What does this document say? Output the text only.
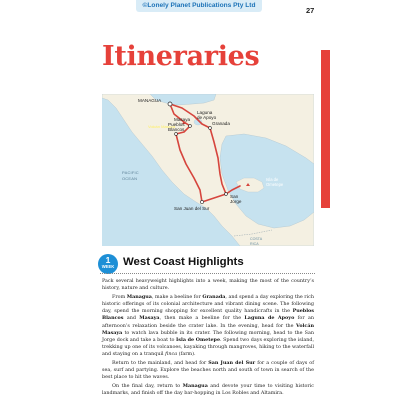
©Lonely Planet Publications Pty Ltd
27
Itineraries
MANAGUA
Masaya
Laguna
de Apoyo
Granada
Volcán Masaya
Pueblos
Blancos
Isla de
Ometepe
San
Jorge
San Juan del Sur
PACIFIC
OCEAN
COSTA
RICA
1
WEEK West Coast Highlights

Pack several heavyweight highlights into a week, making the most of the country’s history, nature and culture.

From Managua, make a beeline for Granada, and spend a day exploring the rich historic offerings of its colonial architecture and vibrant dining scene. The following day, spend the morning shopping for excellent quality handicrafts in the Pueblos Blancos and Masaya, then make a beeline for the Laguna de Apoyo for an afternoon’s relaxation beside the crater lake. In the evening, head for the Volcán Masaya to watch lava bubble in its crater. The following morning, head to the San Jorge dock and take a boat to Isla de Ometepe. Spend two days exploring the island, trekking up one of its volcanoes, kayaking through mangroves, hiking to the waterfall and staying on a tranquil finca (farm).

Return to the mainland, and head for San Juan del Sur for a couple of days of sea, surf and partying. Explore the beaches north and south of town in search of the best place to hit the waves.

On the final day, return to Managua and devote your time to visiting historic landmarks, and finish off the day bar-hopping in Los Robles and Altamira.
